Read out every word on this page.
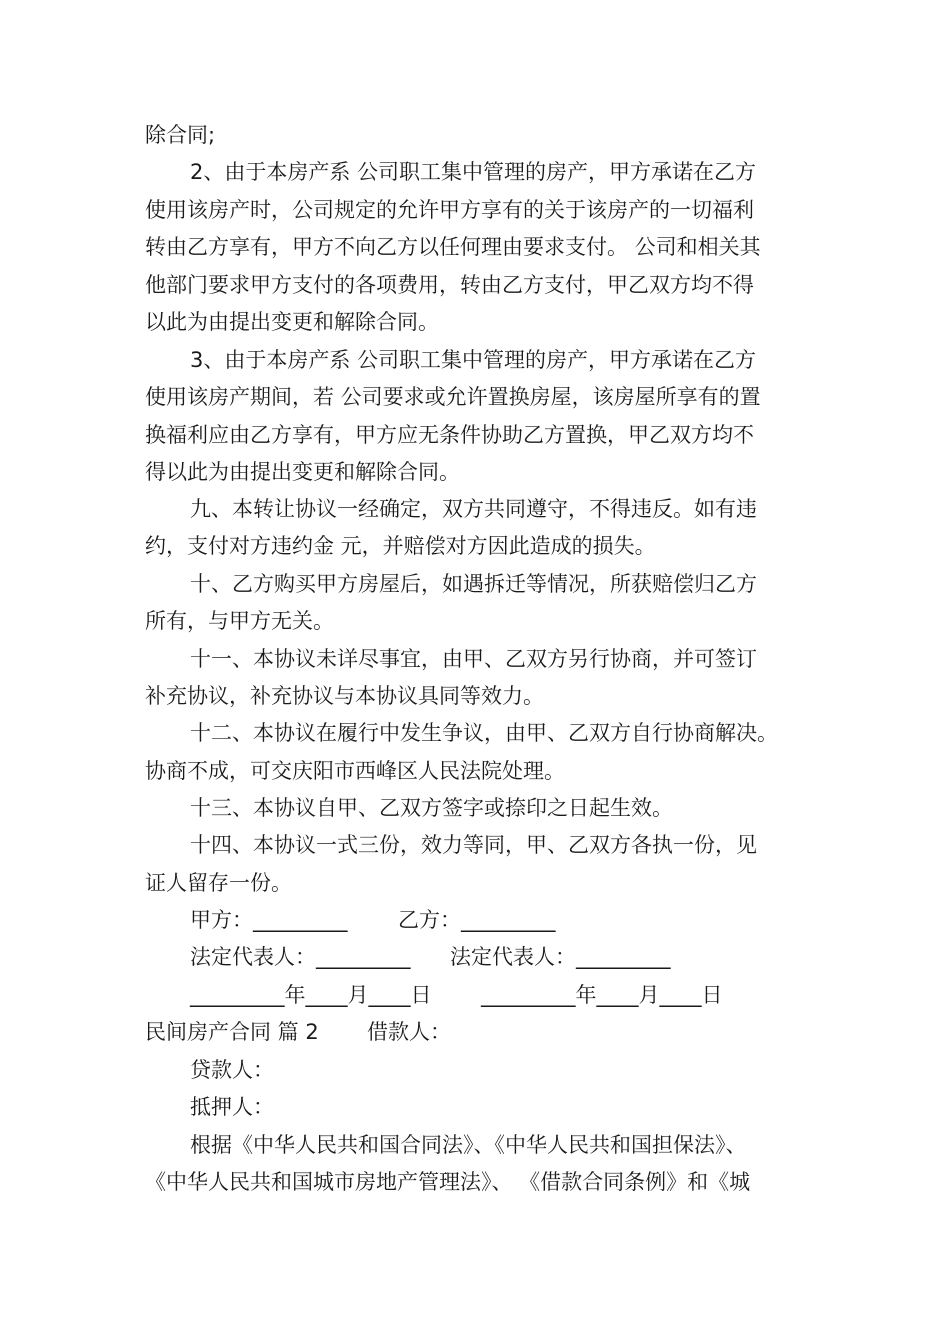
除合同;
2、由于本房产系 公司职工集中管理的房产，甲方承诺在乙方
使用该房产时，公司规定的允许甲方享有的关于该房产的一切福利
转由乙方享有，甲方不向乙方以任何理由要求支付。 公司和相关其
他部门要求甲方支付的各项费用，转由乙方支付，甲乙双方均不得
以此为由提出变更和解除合同。
3、由于本房产系 公司职工集中管理的房产，甲方承诺在乙方
使用该房产期间，若 公司要求或允许置换房屋，该房屋所享有的置
换福利应由乙方享有，甲方应无条件协助乙方置换，甲乙双方均不
得以此为由提出变更和解除合同。
九、本转让协议一经确定，双方共同遵守，不得违反。如有违
约，支付对方违约金 元，并赔偿对方因此造成的损失。
十、乙方购买甲方房屋后，如遇拆迁等情况，所获赔偿归乙方
所有，与甲方无关。
十一、本协议未详尽事宜，由甲、乙双方另行协商，并可签订
补充协议，补充协议与本协议具同等效力。
十二、本协议在履行中发生争议，由甲、乙双方自行协商解决。
协商不成，可交庆阳市西峰区人民法院处理。
十三、本协议自甲、乙双方签字或捺印之日起生效。
十四、本协议一式三份，效力等同，甲、乙双方各执一份，见
证人留存一份。
甲方：_________ 乙方：_________
法定代表人：_________ 法定代表人：_________
_________年____月____日 _________年____月____日
民间房产合同 篇 2 借款人：
贷款人：
抵押人：
根据《中华人民共和国合同法》、《中华人民共和国担保法》、
《中华人民共和国城市房地产管理法》、 《借款合同条例》和《城
